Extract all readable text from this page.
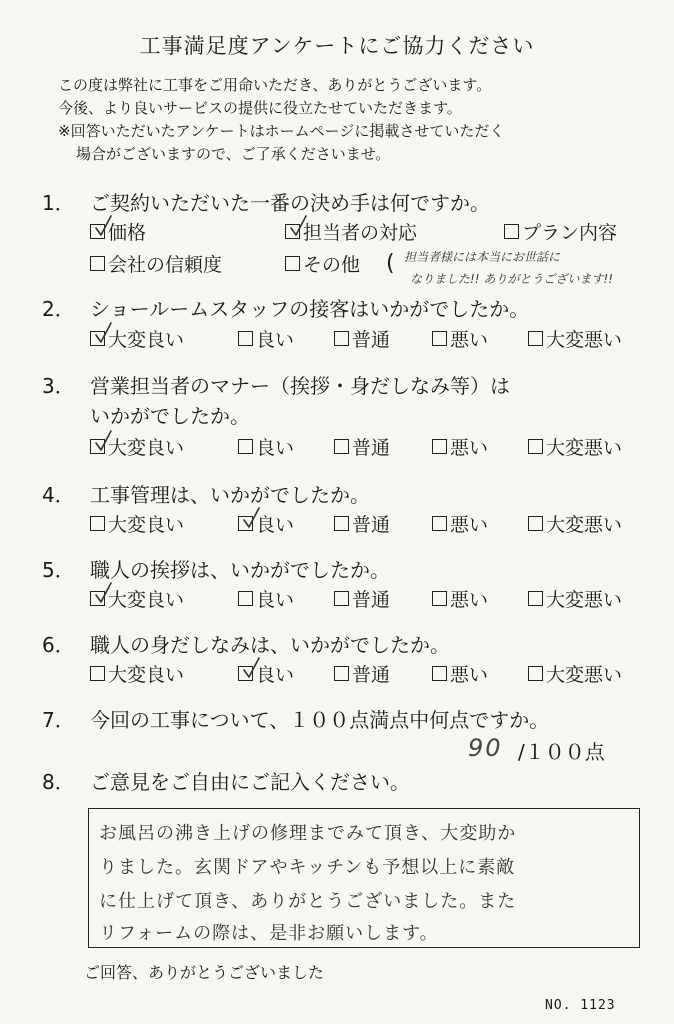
工事満足度アンケートにご協力ください
この度は弊社に工事をご用命いただき、ありがとうございます。
今後、より良いサービスの提供に役立たせていただきます。
※回答いただいたアンケートはホームページに掲載させていただく
場合がございますので、ご了承くださいませ。
1． ご契約いただいた一番の決め手は何ですか。
価格	担当者の対応	プラン内容
会社の信頼度	その他 ( 担当者様には本当にお世話に
なりました!! ありがとうございます!!
2． ショールームスタッフの接客はいかがでしたか。
大変良い	良い	普通	悪い	大変悪い
3． 営業担当者のマナー（挨拶・身だしなみ等）は
いかがでしたか。
大変良い	良い	普通	悪い	大変悪い
4． 工事管理は、いかがでしたか。
大変良い	良い	普通	悪い	大変悪い
5． 職人の挨拶は、いかがでしたか。
大変良い	良い	普通	悪い	大変悪い
6． 職人の身だしなみは、いかがでしたか。
大変良い	良い	普通	悪い	大変悪い
7． 今回の工事について、１００点満点中何点ですか。
90 /１００点
8． ご意見をご自由にご記入ください。
お風呂の沸き上げの修理までみて頂き、大変助か
りました。玄関ドアやキッチンも予想以上に素敵
に仕上げて頂き、ありがとうございました。また
リフォームの際は、是非お願いします。
ご回答、ありがとうございました
NO. 1123
